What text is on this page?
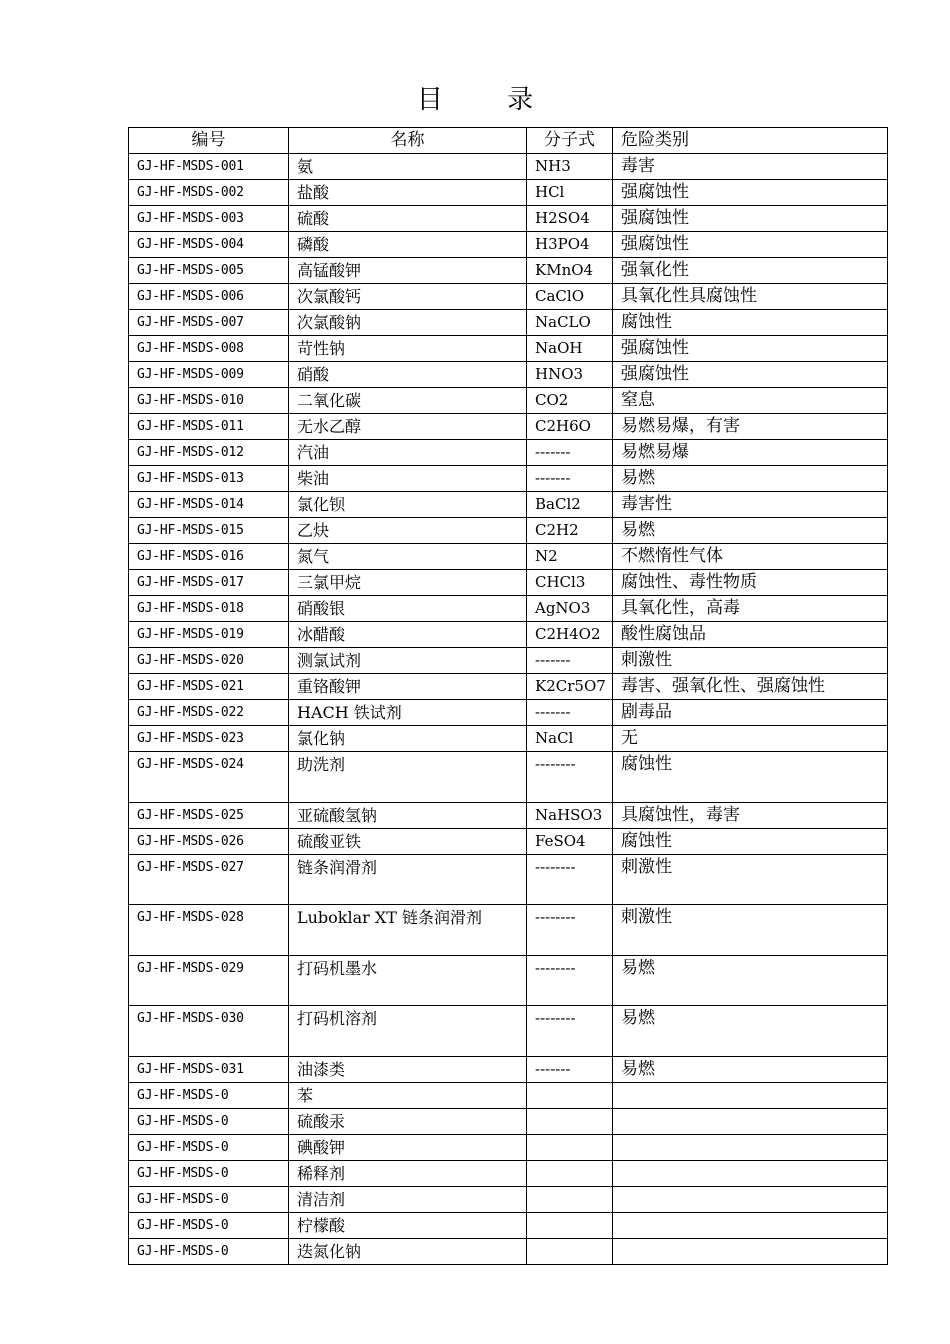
目 录
编号	名称	分子式	危险类别
GJ-HF-MSDS-001	氨	NH3	毒害
GJ-HF-MSDS-002	盐酸	HCl	强腐蚀性
GJ-HF-MSDS-003	硫酸	H2SO4	强腐蚀性
GJ-HF-MSDS-004	磷酸	H3PO4	强腐蚀性
GJ-HF-MSDS-005	高锰酸钾	KMnO4	强氧化性
GJ-HF-MSDS-006	次氯酸钙	CaClO	具氧化性具腐蚀性
GJ-HF-MSDS-007	次氯酸钠	NaCLO	腐蚀性
GJ-HF-MSDS-008	苛性钠	NaOH	强腐蚀性
GJ-HF-MSDS-009	硝酸	HNO3	强腐蚀性
GJ-HF-MSDS-010	二氧化碳	CO2	窒息
GJ-HF-MSDS-011	无水乙醇	C2H6O	易燃易爆，有害
GJ-HF-MSDS-012	汽油	-------	易燃易爆
GJ-HF-MSDS-013	柴油	-------	易燃
GJ-HF-MSDS-014	氯化钡	BaCl2	毒害性
GJ-HF-MSDS-015	乙炔	C2H2	易燃
GJ-HF-MSDS-016	氮气	N2	不燃惰性气体
GJ-HF-MSDS-017	三氯甲烷	CHCl3	腐蚀性、毒性物质
GJ-HF-MSDS-018	硝酸银	AgNO3	具氧化性，高毒
GJ-HF-MSDS-019	冰醋酸	C2H4O2	酸性腐蚀品
GJ-HF-MSDS-020	测氯试剂	-------	刺激性
GJ-HF-MSDS-021	重铬酸钾	K2Cr5O7	毒害、强氧化性、强腐蚀性
GJ-HF-MSDS-022	HACH 铁试剂	-------	剧毒品
GJ-HF-MSDS-023	氯化钠	NaCl	无
GJ-HF-MSDS-024	助洗剂	--------	腐蚀性
GJ-HF-MSDS-025	亚硫酸氢钠	NaHSO3	具腐蚀性，毒害
GJ-HF-MSDS-026	硫酸亚铁	FeSO4	腐蚀性
GJ-HF-MSDS-027	链条润滑剂	--------	刺激性
GJ-HF-MSDS-028	Luboklar XT 链条润滑剂	--------	刺激性
GJ-HF-MSDS-029	打码机墨水	--------	易燃
GJ-HF-MSDS-030	打码机溶剂	--------	易燃
GJ-HF-MSDS-031	油漆类	-------	易燃
GJ-HF-MSDS-0	苯		
GJ-HF-MSDS-0	硫酸汞		
GJ-HF-MSDS-0	碘酸钾		
GJ-HF-MSDS-0	稀释剂		
GJ-HF-MSDS-0	清洁剂		
GJ-HF-MSDS-0	柠檬酸		
GJ-HF-MSDS-0	迭氮化钠		
